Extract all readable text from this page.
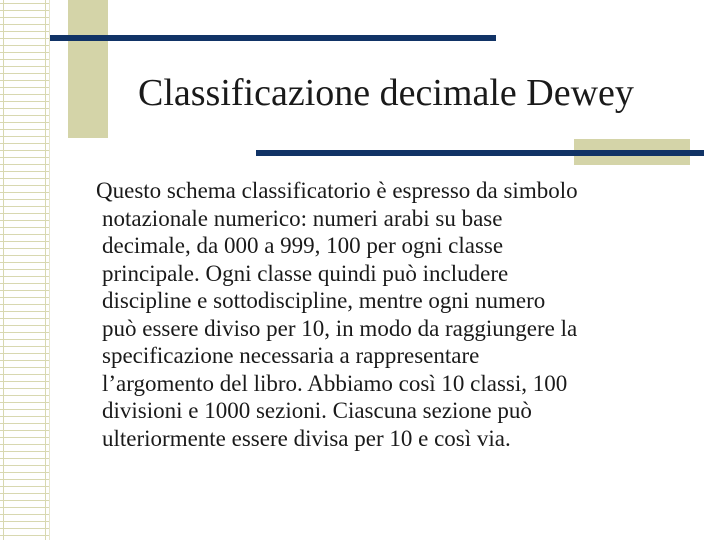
Classificazione decimale Dewey

Questo schema classificatorio è espresso da simbolo
notazionale numerico: numeri arabi su base
decimale, da 000 a 999, 100 per ogni classe
principale. Ogni classe quindi può includere
discipline e sottodiscipline, mentre ogni numero
può essere diviso per 10, in modo da raggiungere la
specificazione necessaria a rappresentare
l’argomento del libro. Abbiamo così 10 classi, 100
divisioni e 1000 sezioni. Ciascuna sezione può
ulteriormente essere divisa per 10 e così via.
